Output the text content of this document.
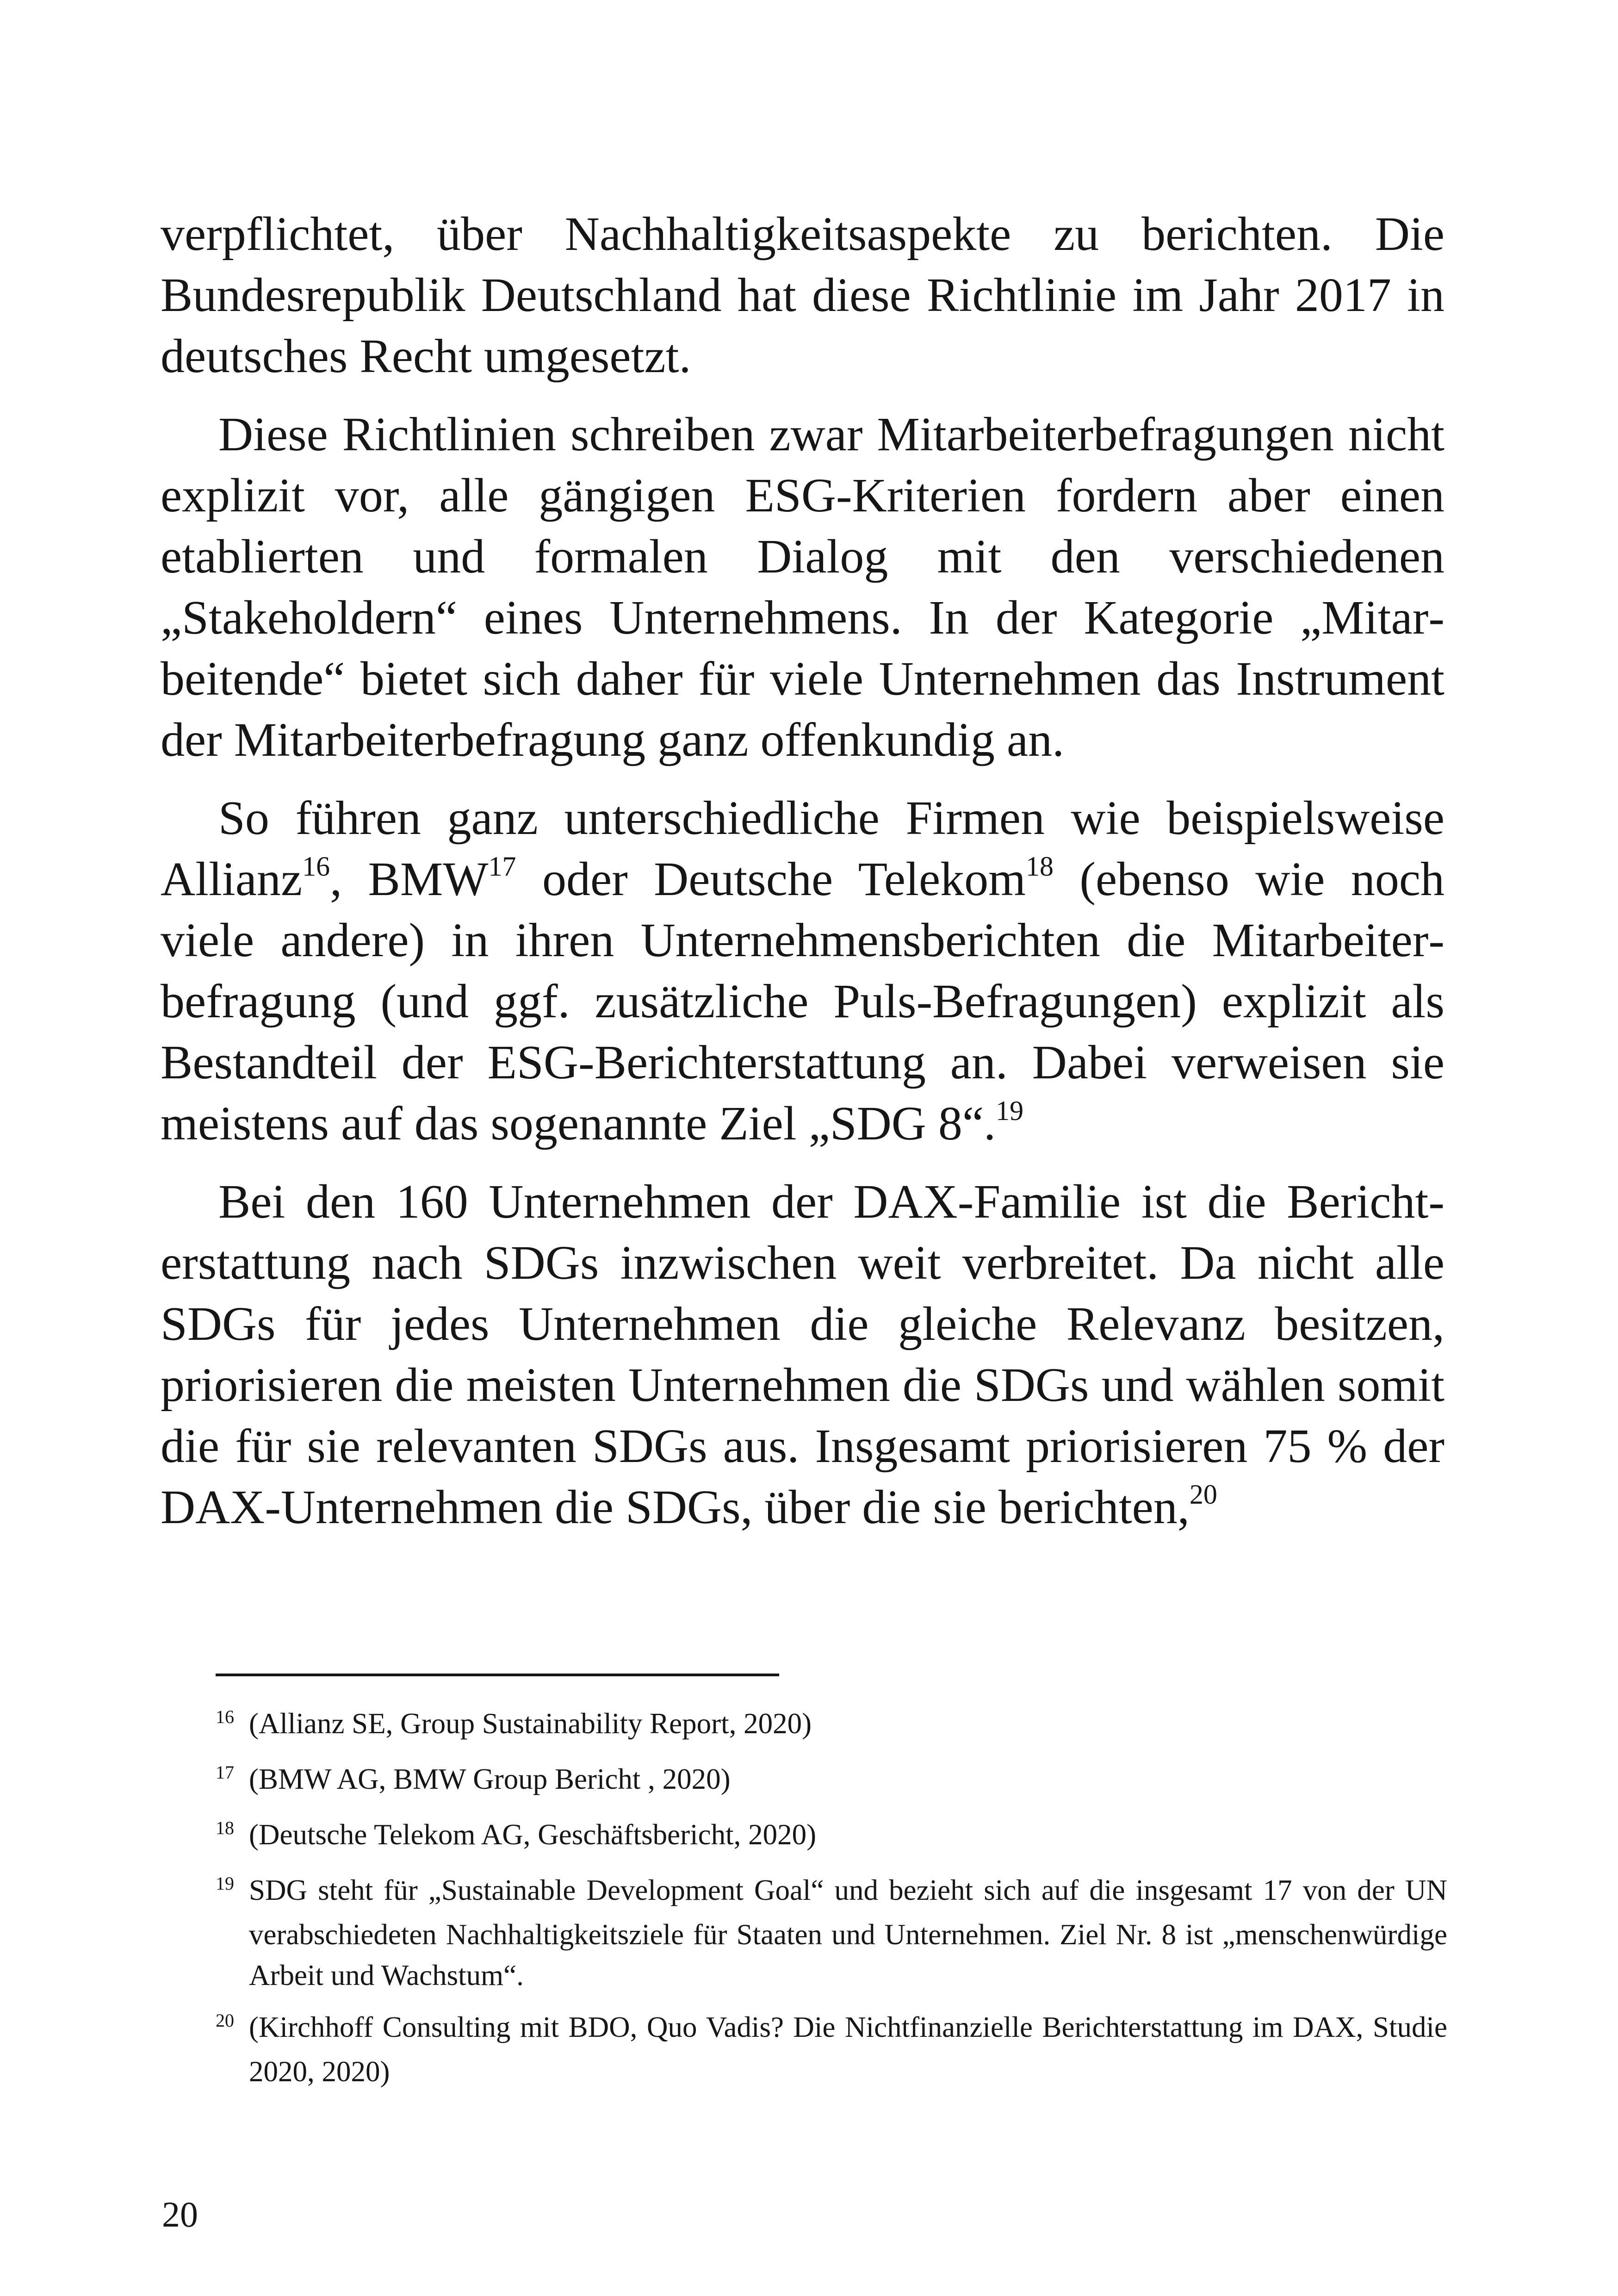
verpflichtet, über Nachhaltigkeitsaspekte zu berichten. Die Bundesrepublik Deutschland hat diese Richtlinie im Jahr 2017 in deutsches Recht umgesetzt.

Diese Richtlinien schreiben zwar Mitarbeiterbefragungen nicht explizit vor, alle gängigen ESG-Kriterien fordern aber einen etablierten und formalen Dialog mit den verschiedenen „Stakeholdern“ eines Unternehmens. In der Kategorie „Mitarbeitende“ bietet sich daher für viele Unternehmen das Instrument der Mitarbeiterbefragung ganz offenkundig an.

So führen ganz unterschiedliche Firmen wie beispielsweise Allianz$^{16}$, BMW$^{17}$ oder Deutsche Telekom$^{18}$ (ebenso wie noch viele andere) in ihren Unternehmensberichten die Mitarbeiterbefragung (und ggf. zusätzliche Puls-Befragungen) explizit als Bestandteil der ESG-Berichterstattung an. Dabei verweisen sie meistens auf das sogenannte Ziel „SDG 8“.$^{19}$

Bei den 160 Unternehmen der DAX-Familie ist die Berichterstattung nach SDGs inzwischen weit verbreitet. Da nicht alle SDGs für jedes Unternehmen die gleiche Relevanz besitzen, priorisieren die meisten Unternehmen die SDGs und wählen somit die für sie relevanten SDGs aus. Insgesamt priorisieren 75 % der DAX-Unternehmen die SDGs, über die sie berichten,$^{20}$

16 (Allianz SE, Group Sustainability Report, 2020)

17 (BMW AG, BMW Group Bericht , 2020)

18 (Deutsche Telekom AG, Geschäftsbericht, 2020)

19 SDG steht für „Sustainable Development Goal“ und bezieht sich auf die insgesamt 17 von der UN verabschiedeten Nachhaltigkeitsziele für Staaten und Unternehmen. Ziel Nr. 8 ist „menschenwürdige Arbeit und Wachstum“.

20 (Kirchhoff Consulting mit BDO, Quo Vadis? Die Nichtfinanzielle Berichterstattung im DAX, Studie 2020, 2020)

20
